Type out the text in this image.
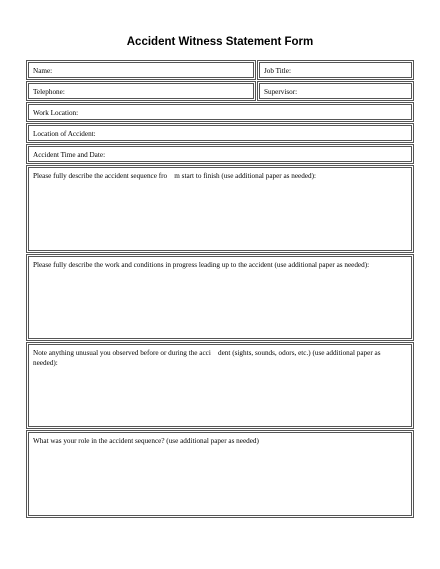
Accident Witness Statement Form
Name:	Job Title:
Telephone:	Supervisor:
Work Location:
Location of Accident:
Accident Time and Date:
Please fully describe the accident sequence fro    m start to finish (use additional paper as needed):
Please fully describe the work and conditions in progress leading up to the accident (use additional paper as needed):
Note anything unusual you observed before or during the acci    dent (sights, sounds, odors, etc.) (use additional paper as needed):
What was your role in the accident sequence? (use additional paper as needed)
